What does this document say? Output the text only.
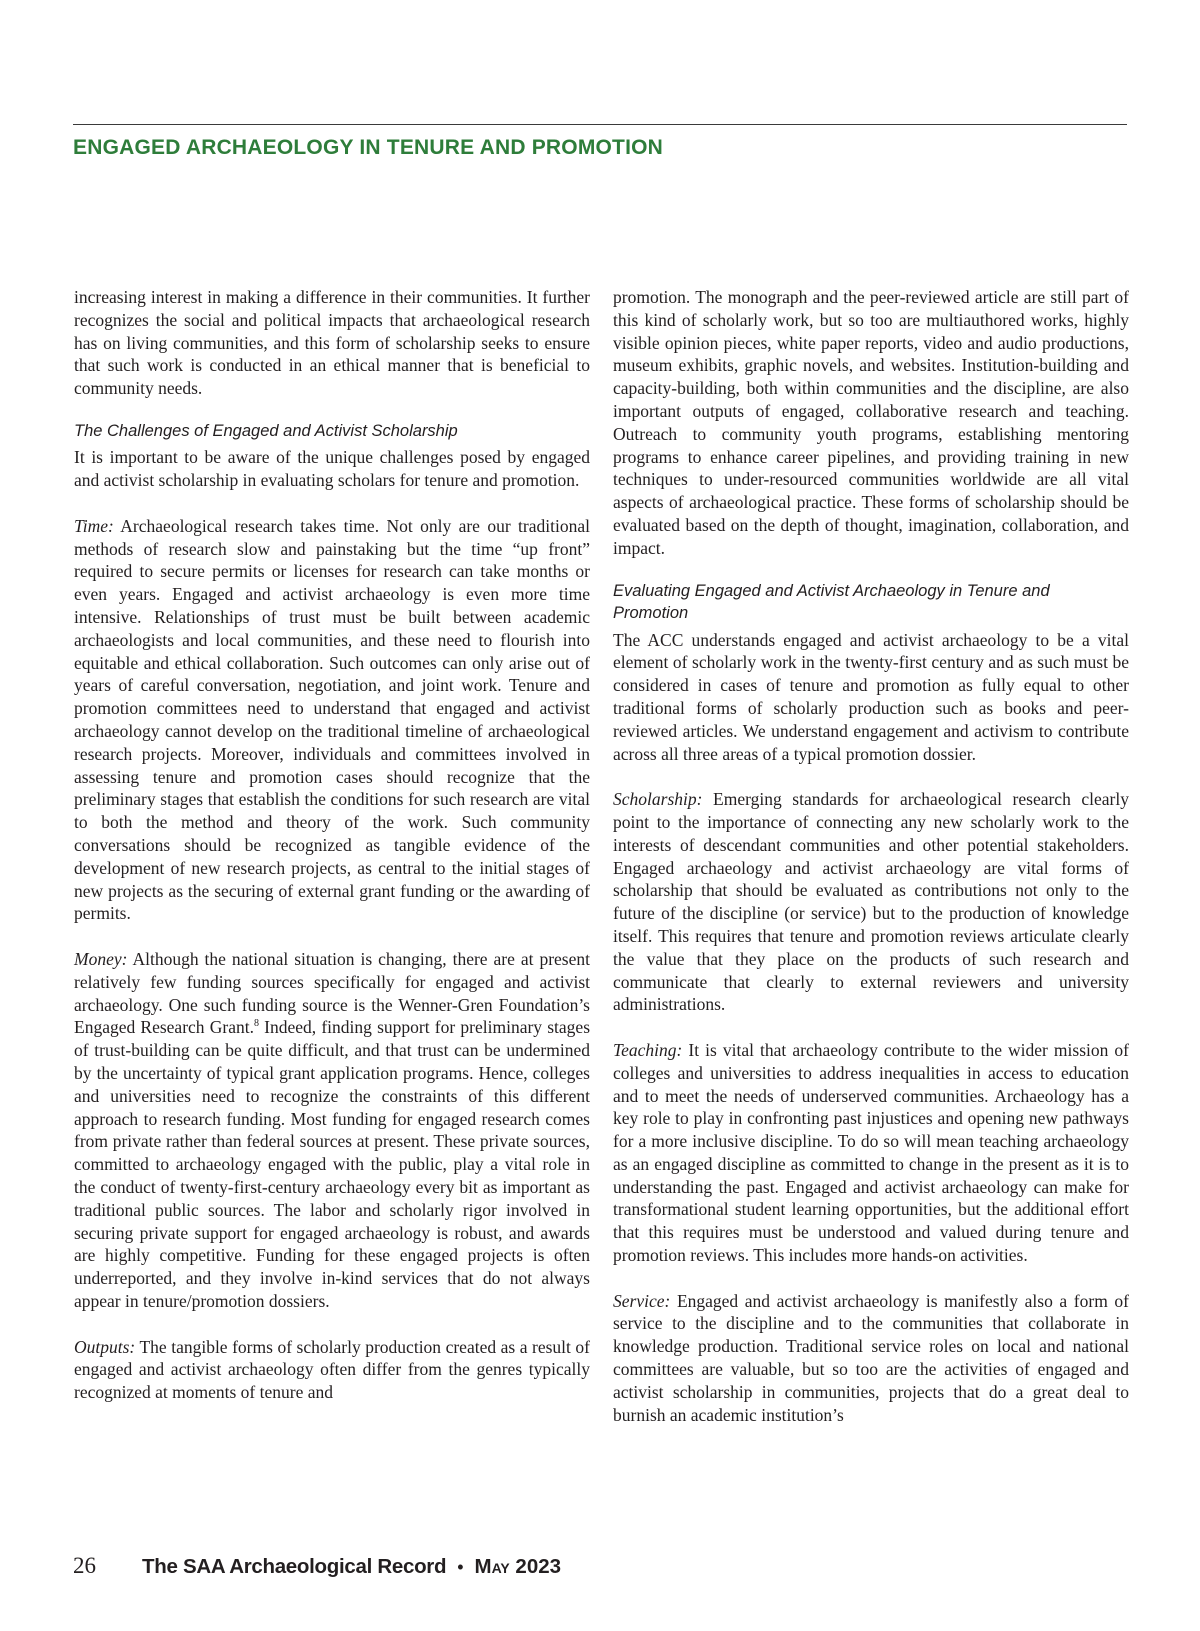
ENGAGED ARCHAEOLOGY IN TENURE AND PROMOTION

increasing interest in making a difference in their communities. It further recognizes the social and political impacts that archaeological research has on living communities, and this form of scholarship seeks to ensure that such work is conducted in an ethical manner that is beneficial to community needs.

The Challenges of Engaged and Activist Scholarship

It is important to be aware of the unique challenges posed by engaged and activist scholarship in evaluating scholars for tenure and promotion.

Time: Archaeological research takes time. Not only are our traditional methods of research slow and painstaking but the time “up front” required to secure permits or licenses for research can take months or even years. Engaged and activist archaeology is even more time intensive. Relationships of trust must be built between academic archaeologists and local communities, and these need to flourish into equitable and ethical collaboration. Such outcomes can only arise out of years of careful conversation, negotiation, and joint work. Tenure and promotion committees need to understand that engaged and activist archaeology cannot develop on the traditional timeline of archaeological research projects. Moreover, individuals and committees involved in assessing tenure and promotion cases should recognize that the preliminary stages that establish the conditions for such research are vital to both the method and theory of the work. Such community conversations should be recognized as tangible evidence of the development of new research projects, as central to the initial stages of new projects as the securing of external grant funding or the awarding of permits.

Money: Although the national situation is changing, there are at present relatively few funding sources specifically for engaged and activist archaeology. One such funding source is the Wenner-Gren Foundation’s Engaged Research Grant.$^8$ Indeed, finding support for preliminary stages of trust-building can be quite difficult, and that trust can be undermined by the uncertainty of typical grant application programs. Hence, colleges and universities need to recognize the constraints of this different approach to research funding. Most funding for engaged research comes from private rather than federal sources at present. These private sources, committed to archaeology engaged with the public, play a vital role in the conduct of twenty-first-century archaeology every bit as important as traditional public sources. The labor and scholarly rigor involved in securing private support for engaged archaeology is robust, and awards are highly competitive. Funding for these engaged projects is often underreported, and they involve in-kind services that do not always appear in tenure/promotion dossiers.

Outputs: The tangible forms of scholarly production created as a result of engaged and activist archaeology often differ from the genres typically recognized at moments of tenure and

promotion. The monograph and the peer-reviewed article are still part of this kind of scholarly work, but so too are multiauthored works, highly visible opinion pieces, white paper reports, video and audio productions, museum exhibits, graphic novels, and websites. Institution-building and capacity-building, both within communities and the discipline, are also important outputs of engaged, collaborative research and teaching. Outreach to community youth programs, establishing mentoring programs to enhance career pipelines, and providing training in new techniques to under-resourced communities worldwide are all vital aspects of archaeological practice. These forms of scholarship should be evaluated based on the depth of thought, imagination, collaboration, and impact.

Evaluating Engaged and Activist Archaeology in Tenure and Promotion

The ACC understands engaged and activist archaeology to be a vital element of scholarly work in the twenty-first century and as such must be considered in cases of tenure and promotion as fully equal to other traditional forms of scholarly production such as books and peer-reviewed articles. We understand engagement and activism to contribute across all three areas of a typical promotion dossier.

Scholarship: Emerging standards for archaeological research clearly point to the importance of connecting any new scholarly work to the interests of descendant communities and other potential stakeholders. Engaged archaeology and activist archaeology are vital forms of scholarship that should be evaluated as contributions not only to the future of the discipline (or service) but to the production of knowledge itself. This requires that tenure and promotion reviews articulate clearly the value that they place on the products of such research and communicate that clearly to external reviewers and university administrations.

Teaching: It is vital that archaeology contribute to the wider mission of colleges and universities to address inequalities in access to education and to meet the needs of underserved communities. Archaeology has a key role to play in confronting past injustices and opening new pathways for a more inclusive discipline. To do so will mean teaching archaeology as an engaged discipline as committed to change in the present as it is to understanding the past. Engaged and activist archaeology can make for transformational student learning opportunities, but the additional effort that this requires must be understood and valued during tenure and promotion reviews. This includes more hands-on activities.

Service: Engaged and activist archaeology is manifestly also a form of service to the discipline and to the communities that collaborate in knowledge production. Traditional service roles on local and national committees are valuable, but so too are the activities of engaged and activist scholarship in communities, projects that do a great deal to burnish an academic institution’s

26 The SAA Archaeological Record • May 2023
